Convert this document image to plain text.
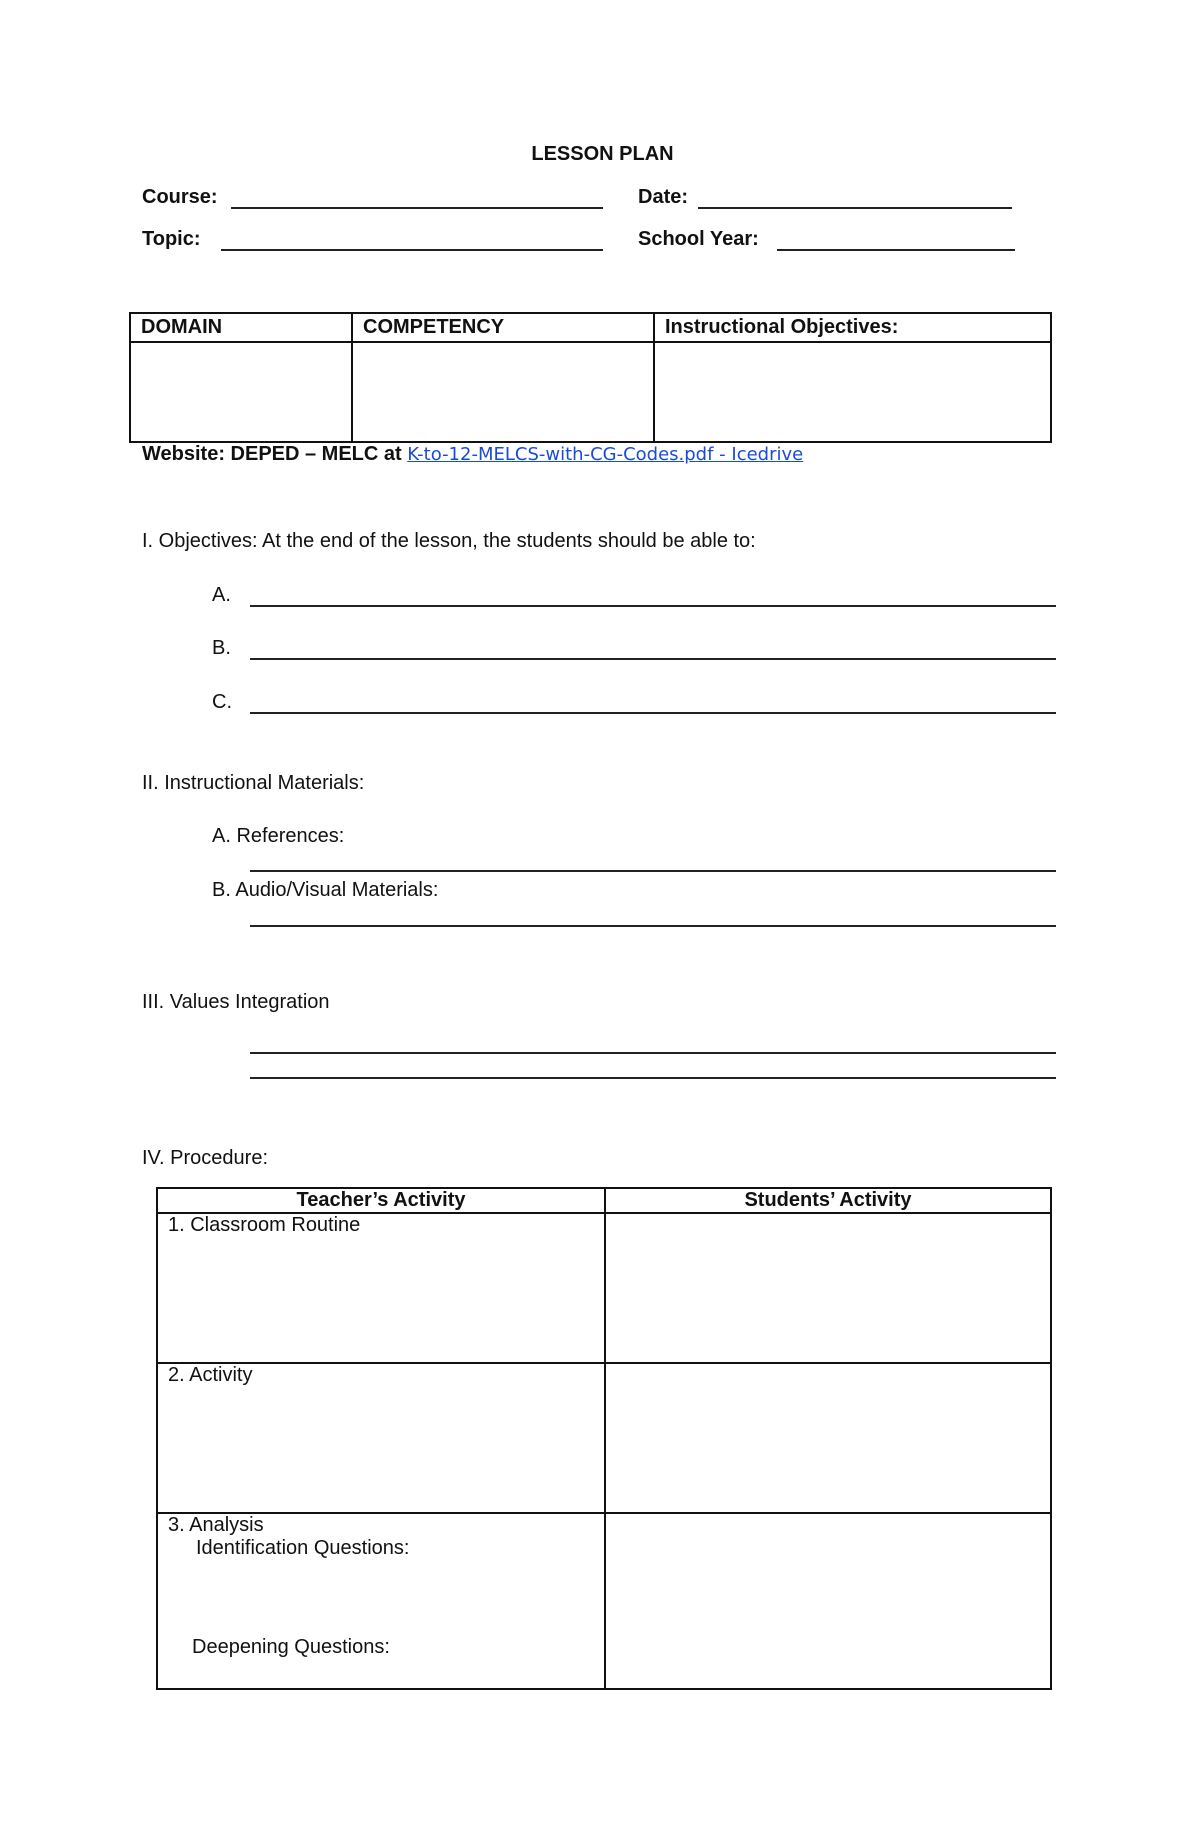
LESSON PLAN
Course:	Date:
Topic:	School Year:
DOMAIN	COMPETENCY	Instructional Objectives:

Website: DEPED – MELC at K-to-12-MELCS-with-CG-Codes.pdf - Icedrive
I. Objectives: At the end of the lesson, the students should be able to:
A.
B.
C.
II. Instructional Materials:
A. References:
B. Audio/Visual Materials:
III. Values Integration
IV. Procedure:
Teacher’s Activity	Students’ Activity
1. Classroom Routine	
2. Activity	

3. Analysis
Identification Questions:
Deepening Questions:	
